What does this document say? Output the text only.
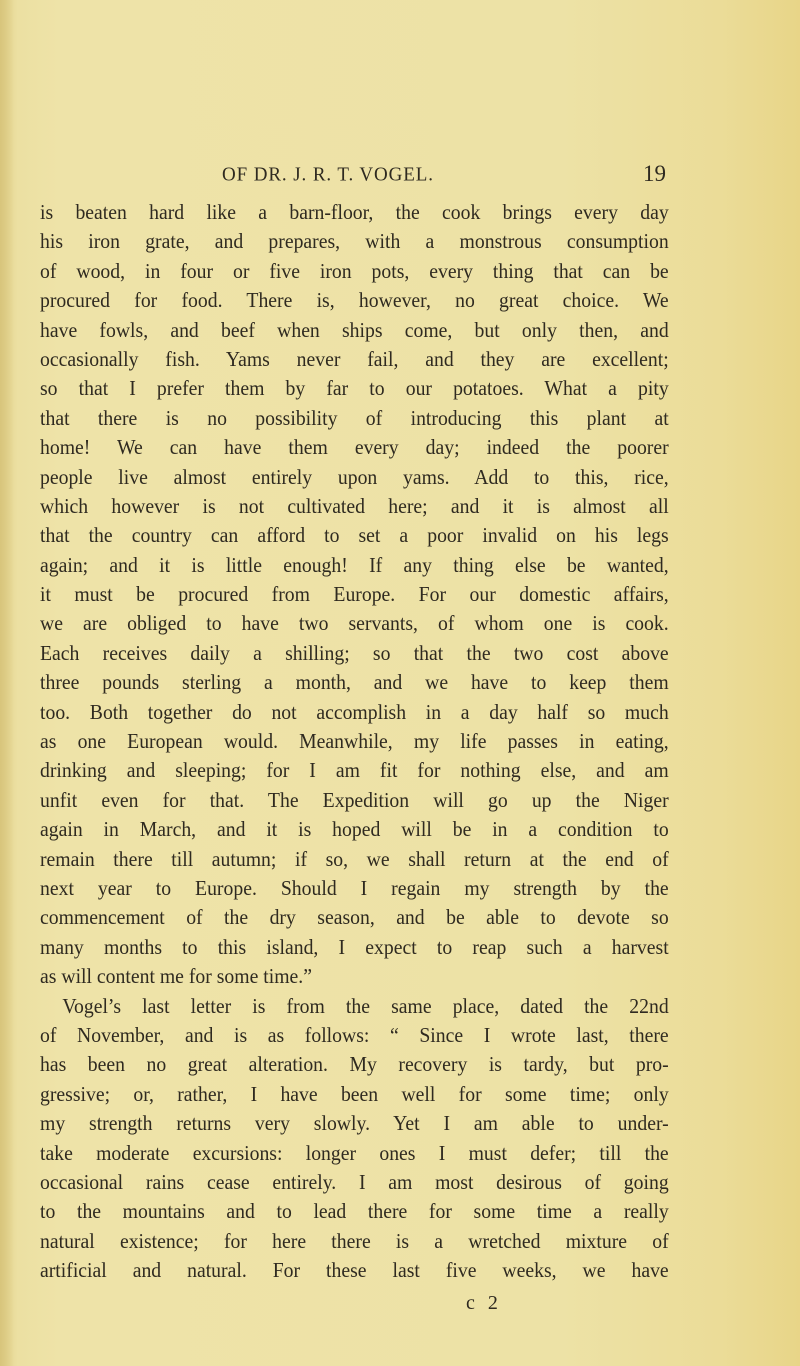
OF DR. J. R. T. VOGEL.	19
is beaten hard like a barn-floor, the cook brings every day
his iron grate, and prepares, with a monstrous consumption
of wood, in four or five iron pots, every thing that can be
procured for food. There is, however, no great choice. We
have fowls, and beef when ships come, but only then, and
occasionally fish. Yams never fail, and they are excellent;
so that I prefer them by far to our potatoes. What a pity
that there is no possibility of introducing this plant at
home! We can have them every day; indeed the poorer
people live almost entirely upon yams. Add to this, rice,
which however is not cultivated here; and it is almost all
that the country can afford to set a poor invalid on his legs
again; and it is little enough! If any thing else be wanted,
it must be procured from Europe. For our domestic affairs,
we are obliged to have two servants, of whom one is cook.
Each receives daily a shilling; so that the two cost above
three pounds sterling a month, and we have to keep them
too. Both together do not accomplish in a day half so much
as one European would. Meanwhile, my life passes in eating,
drinking and sleeping; for I am fit for nothing else, and am
unfit even for that. The Expedition will go up the Niger
again in March, and it is hoped will be in a condition to
remain there till autumn; if so, we shall return at the end of
next year to Europe. Should I regain my strength by the
commencement of the dry season, and be able to devote so
many months to this island, I expect to reap such a harvest
as will content me for some time.”
Vogel’s last letter is from the same place, dated the 22nd
of November, and is as follows: “ Since I wrote last, there
has been no great alteration. My recovery is tardy, but pro-
gressive; or, rather, I have been well for some time; only
my strength returns very slowly. Yet I am able to under-
take moderate excursions: longer ones I must defer; till the
occasional rains cease entirely. I am most desirous of going
to the mountains and to lead there for some time a really
natural existence; for here there is a wretched mixture of
artificial and natural. For these last five weeks, we have
c 2
